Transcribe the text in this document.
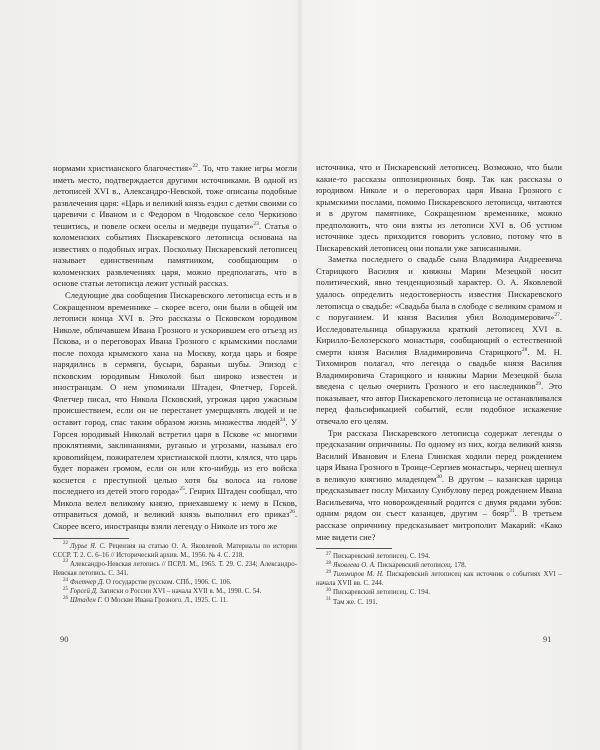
нормами христианского благочестия»$^{22}$. То, что такие игры могли иметь место, подтверждается другими источниками. В одной из летописей XVI в., Александро-Невской, тоже описаны подобные развлечения царя: «Царь и великий князь ездил с детми своими со царевичи с Иваном и с Федором в Чюдовское село Черкизово тешитись, и повеле оскеи оселы и медведи пущати»$^{23}$. Статья о коломенских событиях Пискаревского летописца основана на известиях о подобных играх. Поскольку Пискаревский летописец называет единственным памятником, сообщающим о коломенских развлечениях царя, можно предполагать, что в основе статьи летописца лежит устный рассказ.

Следующие два сообщения Пискаревского летописца есть и в Сокращенном временнике – скорее всего, они были в общей им летописи конца XVI в. Это рассказы о Псковском юродивом Николе, обличавшем Ивана Грозного и ускорившем его отъезд из Пскова, и о переговорах Ивана Грозного с крымскими послами после похода крымского хана на Москву, когда царь и бояре нарядились в сермяги, бусыри, бараньи шубы. Эпизод с псковским юродивым Николой был широко известен и иностранцам. О нем упоминали Штаден, Флетчер, Горсей. Флетчер писал, что Никола Псковский, угрожая царю ужасным происшествием, если он не перестанет умерщвлять людей и не оставит город, спас таким образом жизнь множества людей$^{24}$. У Горсея юродивый Николай встретил царя в Пскове «с многими проклятиями, заклинаниями, руганью и угрозами, называл его кровопийцем, пожирателем христианской плоти, клялся, что царь будет поражен громом, если он или кто-нибудь из его войска коснется с преступной целью хотя бы волоса на голове последнего из детей этого города»$^{25}$. Генрих Штаден сообщал, что Микола велел великому князю, приехавшему к нему в Псков, отправиться домой, и великий князь выполнил его приказ$^{26}$. Скорее всего, иностранцы взяли легенду о Николе из того же

$^{22}$ Лурье Я. С. Рецензия на статью О. А. Яковлевой. Материалы по истории СССР. Т. 2. С. 6–16 // Исторический архив. М., 1956. № 4. С. 218.

$^{23}$ Александро-Невская летопись // ПСРЛ. М., 1965. Т. 29. С. 234; Александро-Невская летопись. С. 341.

$^{24}$ Флетчер Д. О государстве русском. СПб., 1906. С. 106.

$^{25}$ Горсей Д. Записки о России XVI – начала XVII в. М., 1990. С. 54.

$^{26}$ Штаден Г. О Москве Ивана Грозного. Л., 1925. С. 11.

90

источника, что и Пискаревский летописец. Возможно, что были какие-то рассказы оппозиционных бояр. Так как рассказы о юродивом Николе и о переговорах царя Ивана Грозного с крымскими послами, помимо Пискаревского летописца, читаются и в другом памятнике, Сокращенном временнике, можно предположить, что они взяты из летописи XVI в. Об устном источнике здесь приходится говорить условно, потому что в Пискаревский летописец они попали уже записанными.

Заметка последнего о свадьбе сына Владимира Андреевича Старицкого Василия и княжны Марии Мезецкой носит политический, явно тенденциозный характер. О. А. Яковлевой удалось определить недостоверность известия Пискаревского летописца о свадьбе: «Свадьба была в слободе с великим срамом и с поруганием. И князя Василия убил Володимерович»$^{27}$. Исследовательница обнаружила краткий летописец XVI в. Кирилло-Белозерского монастыря, сообщающий о естественной смерти князя Василия Владимировича Старицкого$^{28}$. М. Н. Тихомиров полагал, что легенда о свадьбе князя Василия Владимировича Старицкого и княжны Марии Мезецкой была введена с целью очернить Грозного и его наследников$^{29}$. Это показывает, что автор Пискаревского летописца не останавливался перед фальсификацией событий, если подобное искажение отвечало его целям.

Три рассказа Пискаревского летописца содержат легенды о предсказании опричнины. По одному из них, когда великий князь Василий Иванович и Елена Глинская ходили перед рождением царя Ивана Грозного в Троице-Сергиев монастырь, чернец шепнул в великую княгиню младенцем$^{30}$. В другом – казанская царица предсказывает послу Михаилу Сунбулову перед рождением Ивана Васильевича, что новорожденный родится с двумя рядами зубов: одним рядом он съест казанцев, другим – бояр$^{31}$. В третьем рассказе опричнину предсказывает митрополит Макарий: «Како мне видети сие?

$^{27}$ Пискаревский летописец. С. 194.

$^{28}$ Яковлева О. А. Пискаревский летописец. 178.

$^{29}$ Тихомиров М. Н. Пискаревский летописец как источник о событиях XVI – начала XVII вв. С. 244.

$^{30}$ Пискаревский летописец. С. 194.

$^{31}$ Там же. С. 191.

91
